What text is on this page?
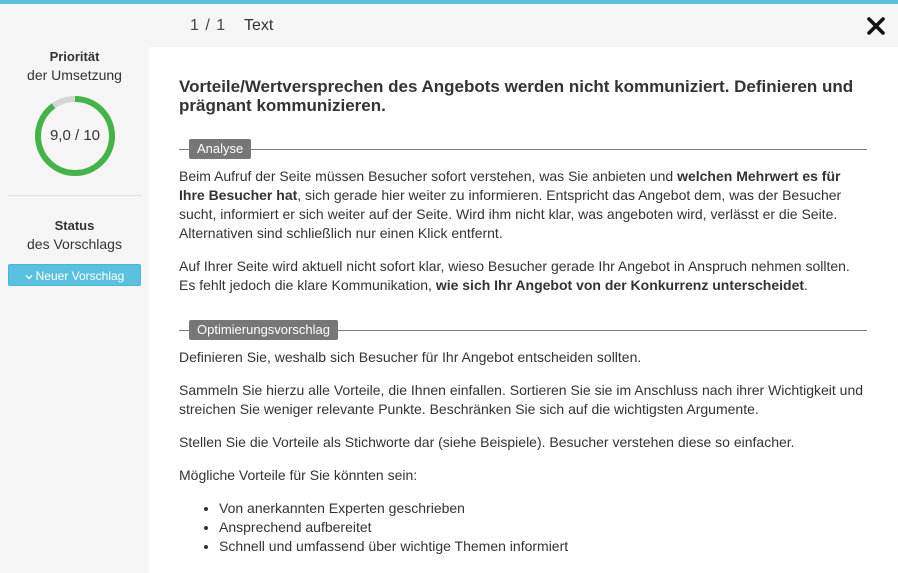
1 / 1 Text
Priorität
der Umsetzung
9,0 / 10
Status
des Vorschlags
Neuer Vorschlag
Vorteile/Wertversprechen des Angebots werden nicht kommuniziert. Definieren und prägnant kommunizieren.
Analyse

Beim Aufruf der Seite müssen Besucher sofort verstehen, was Sie anbieten und welchen Mehrwert es für Ihre Besucher hat, sich gerade hier weiter zu informieren. Entspricht das Angebot dem, was der Besucher sucht, informiert er sich weiter auf der Seite. Wird ihm nicht klar, was angeboten wird, verlässt er die Seite. Alternativen sind schließlich nur einen Klick entfernt.

Auf Ihrer Seite wird aktuell nicht sofort klar, wieso Besucher gerade Ihr Angebot in Anspruch nehmen sollten. Es fehlt jedoch die klare Kommunikation, wie sich Ihr Angebot von der Konkurrenz unterscheidet.

Optimierungsvorschlag

Definieren Sie, weshalb sich Besucher für Ihr Angebot entscheiden sollten.

Sammeln Sie hierzu alle Vorteile, die Ihnen einfallen. Sortieren Sie sie im Anschluss nach ihrer Wichtigkeit und streichen Sie weniger relevante Punkte. Beschränken Sie sich auf die wichtigsten Argumente.

Stellen Sie die Vorteile als Stichworte dar (siehe Beispiele). Besucher verstehen diese so einfacher.

Mögliche Vorteile für Sie könnten sein:

• Von anerkannten Experten geschrieben
• Ansprechend aufbereitet
• Schnell und umfassend über wichtige Themen informiert
